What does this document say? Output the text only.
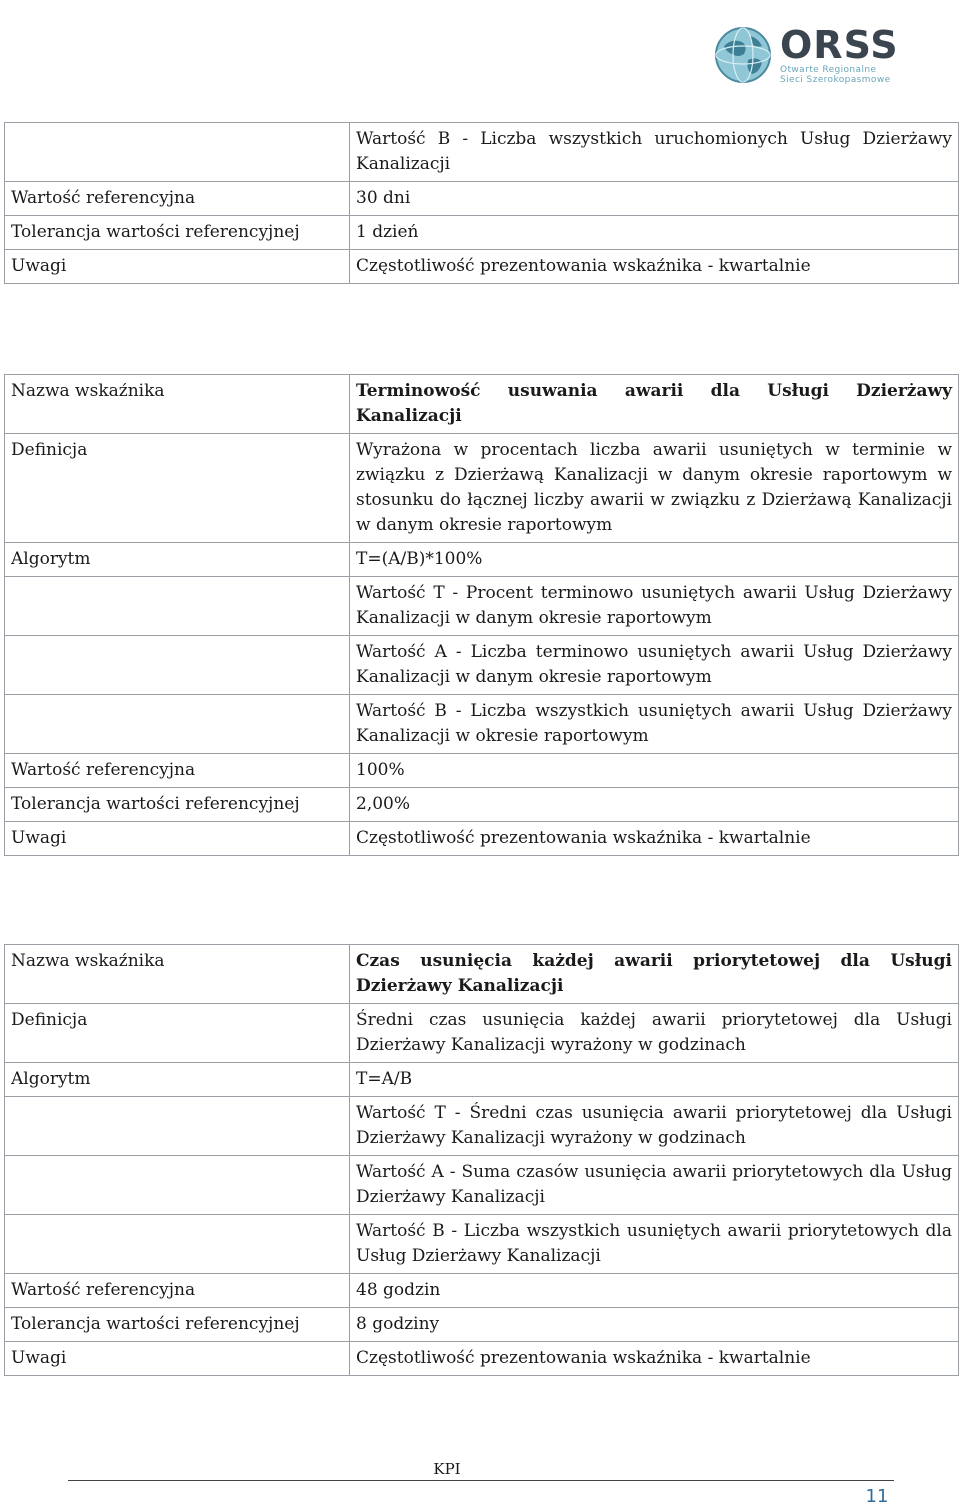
ORSS
Otwarte Regionalne
Sieci Szerokopasmowe
	Wartość B - Liczba wszystkich uruchomionych Usług Dzierżawy Kanalizacji
Wartość referencyjna	30 dni
Tolerancja wartości referencyjnej	1 dzień
Uwagi	Częstotliwość prezentowania wskaźnika - kwartalnie
Nazwa wskaźnika	Terminowość usuwania awarii dla Usługi Dzierżawy Kanalizacji
Definicja	Wyrażona w procentach liczba awarii usuniętych w terminie w związku z Dzierżawą Kanalizacji w danym okresie raportowym w stosunku do łącznej liczby awarii w związku z Dzierżawą Kanalizacji w danym okresie raportowym
Algorytm	T=(A/B)*100%
	Wartość T - Procent terminowo usuniętych awarii Usług Dzierżawy Kanalizacji w danym okresie raportowym
	Wartość A - Liczba terminowo usuniętych awarii Usług Dzierżawy Kanalizacji w danym okresie raportowym
	Wartość B - Liczba wszystkich usuniętych awarii Usług Dzierżawy Kanalizacji w okresie raportowym
Wartość referencyjna	100%
Tolerancja wartości referencyjnej	2,00%
Uwagi	Częstotliwość prezentowania wskaźnika - kwartalnie
Nazwa wskaźnika	Czas usunięcia każdej awarii priorytetowej dla Usługi Dzierżawy Kanalizacji
Definicja	Średni czas usunięcia każdej awarii priorytetowej dla Usługi Dzierżawy Kanalizacji wyrażony w godzinach
Algorytm	T=A/B
	Wartość T - Średni czas usunięcia awarii priorytetowej dla Usługi Dzierżawy Kanalizacji wyrażony w godzinach
	Wartość A - Suma czasów usunięcia awarii priorytetowych dla Usług Dzierżawy Kanalizacji
	Wartość B - Liczba wszystkich usuniętych awarii priorytetowych dla Usług Dzierżawy Kanalizacji
Wartość referencyjna	48 godzin
Tolerancja wartości referencyjnej	8 godziny
Uwagi	Częstotliwość prezentowania wskaźnika - kwartalnie
KPI
11
